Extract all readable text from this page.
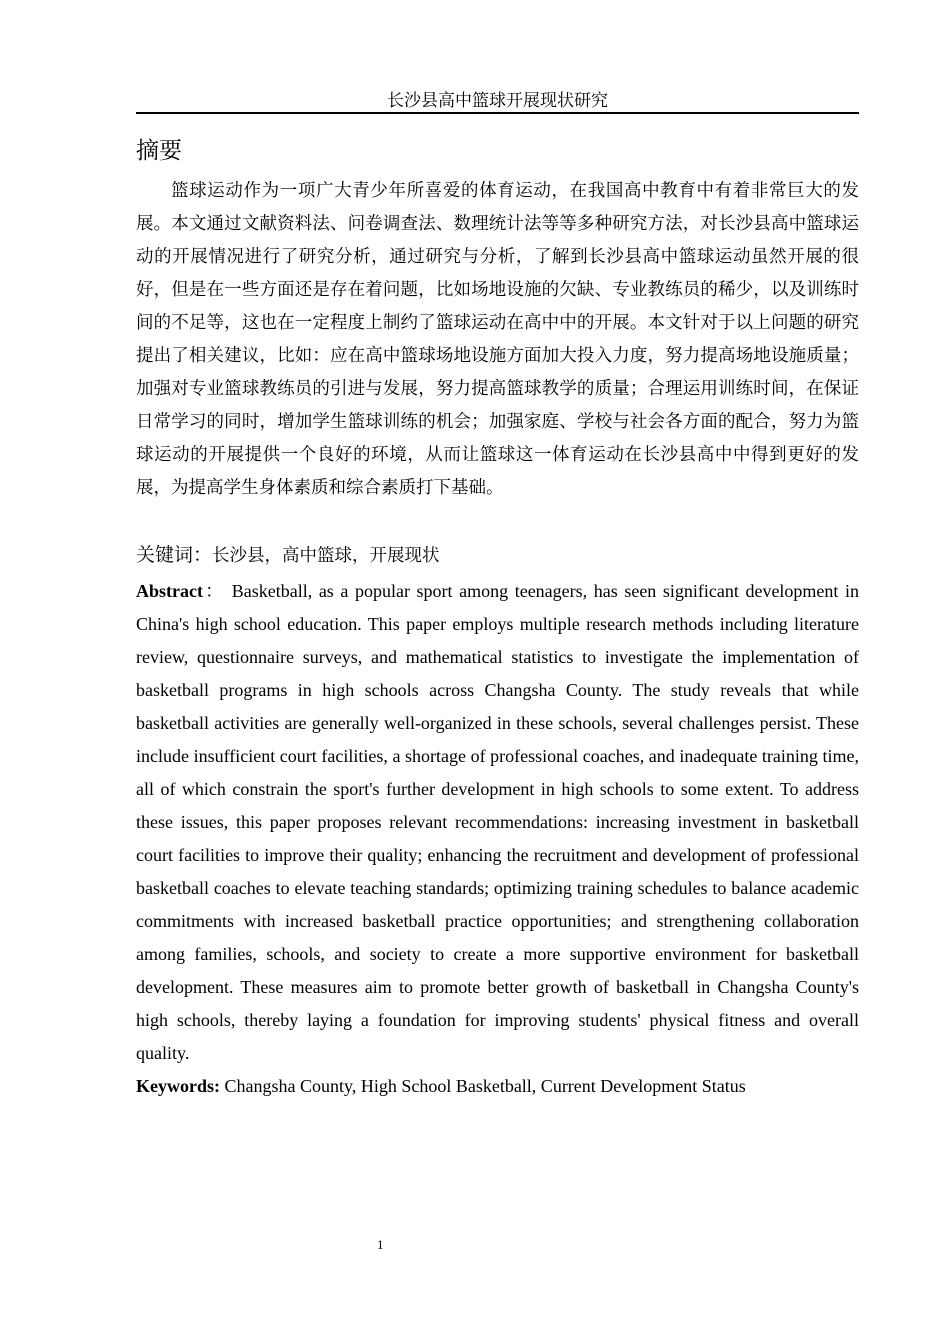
长沙县高中篮球开展现状研究
摘要

篮球运动作为一项广大青少年所喜爱的体育运动，在我国高中教育中有着非常巨大的发展。本文通过文献资料法、问卷调查法、数理统计法等等多种研究方法，对长沙县高中篮球运动的开展情况进行了研究分析，通过研究与分析，了解到长沙县高中篮球运动虽然开展的很好，但是在一些方面还是存在着问题，比如场地设施的欠缺、专业教练员的稀少，以及训练时间的不足等，这也在一定程度上制约了篮球运动在高中中的开展。本文针对于以上问题的研究提出了相关建议，比如：应在高中篮球场地设施方面加大投入力度，努力提高场地设施质量；加强对专业篮球教练员的引进与发展，努力提高篮球教学的质量；合理运用训练时间，在保证日常学习的同时，增加学生篮球训练的机会；加强家庭、学校与社会各方面的配合，努力为篮球运动的开展提供一个良好的环境，从而让篮球这一体育运动在长沙县高中中得到更好的发展，为提高学生身体素质和综合素质打下基础。

关键词：长沙县，高中篮球，开展现状

Abstract： Basketball, as a popular sport among teenagers, has seen significant development in China's high school education. This paper employs multiple research methods including literature review, questionnaire surveys, and mathematical statistics to investigate the implementation of basketball programs in high schools across Changsha County. The study reveals that while basketball activities are generally well-organized in these schools, several challenges persist. These include insufficient court facilities, a shortage of professional coaches, and inadequate training time, all of which constrain the sport's further development in high schools to some extent. To address these issues, this paper proposes relevant recommendations: increasing investment in basketball court facilities to improve their quality; enhancing the recruitment and development of professional basketball coaches to elevate teaching standards; optimizing training schedules to balance academic commitments with increased basketball practice opportunities; and strengthening collaboration among families, schools, and society to create a more supportive environment for basketball development. These measures aim to promote better growth of basketball in Changsha County's high schools, thereby laying a foundation for improving students' physical fitness and overall quality.

Keywords: Changsha County, High School Basketball, Current Development Status
1
